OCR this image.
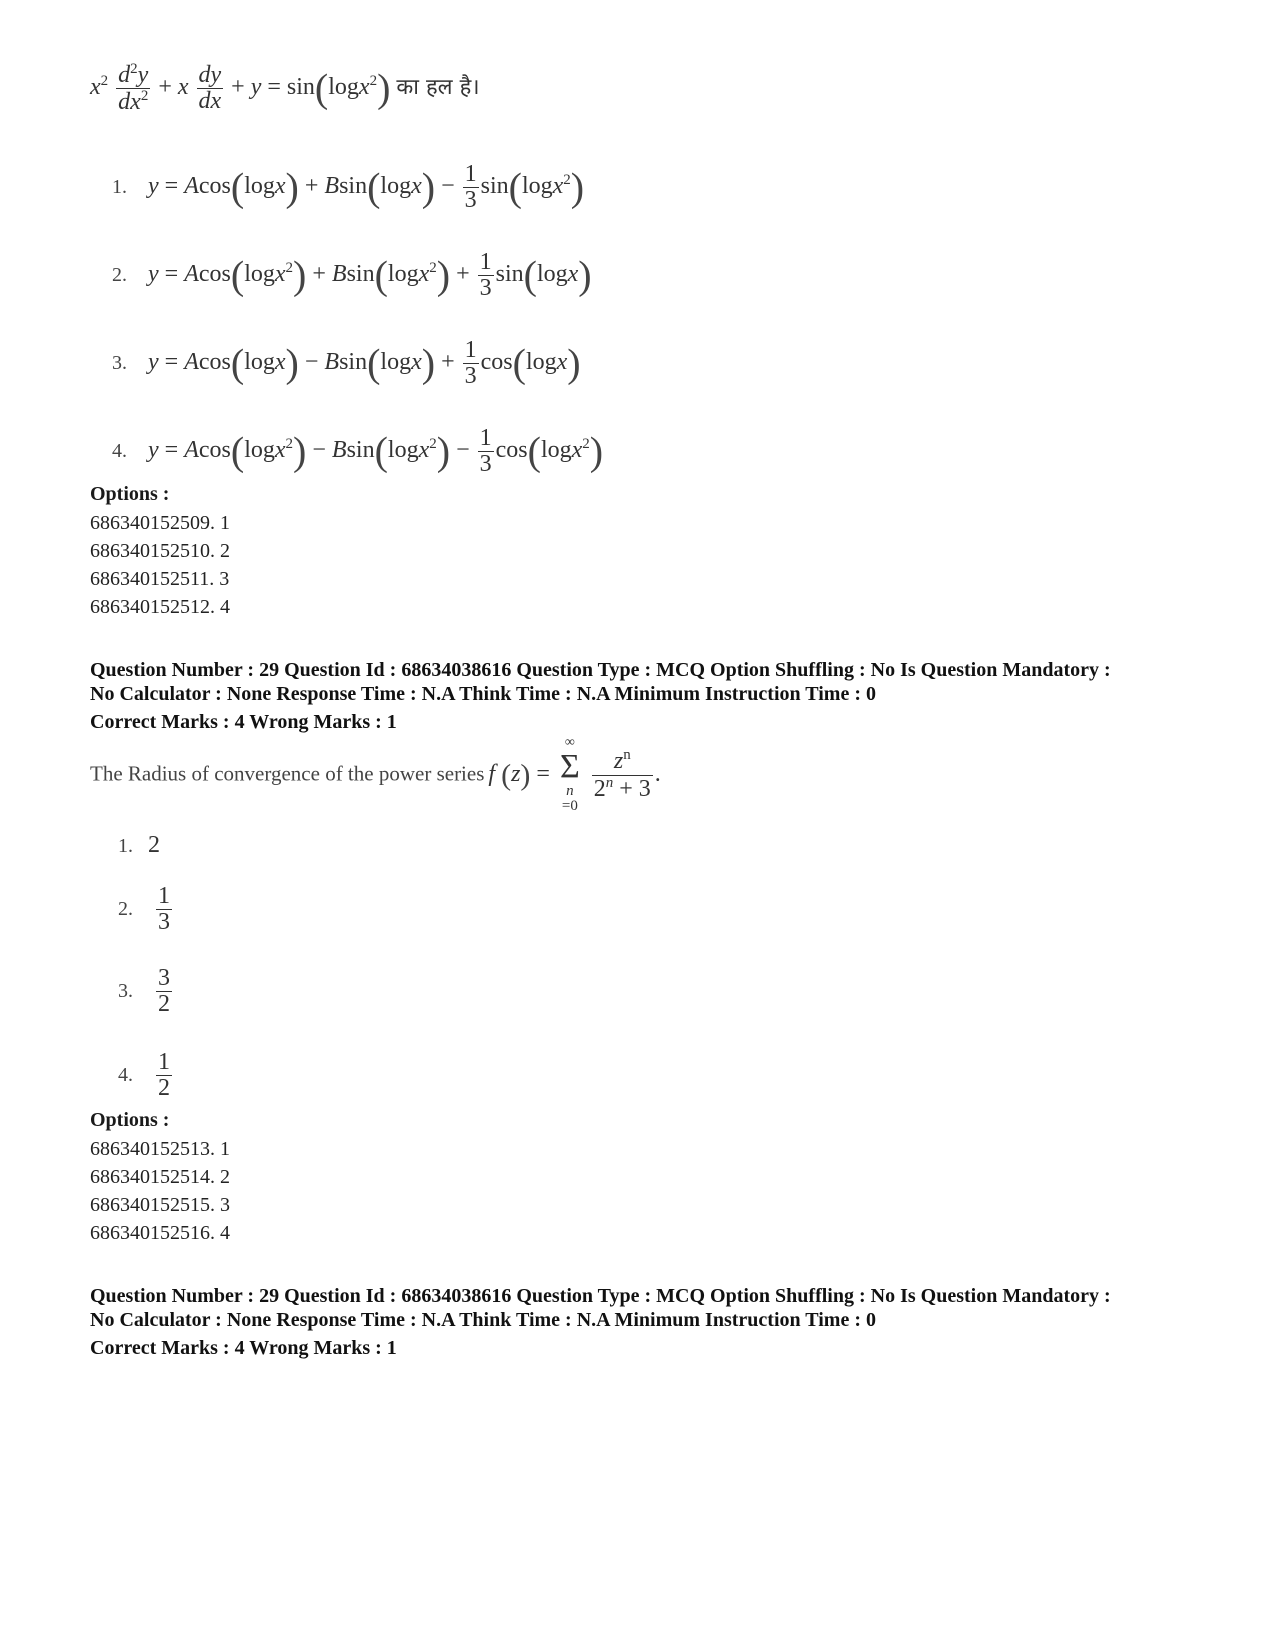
$x^2 \frac{d^2y}{dx^2} + x \frac{dy}{dx} + y = \sin(\log x^2)$ का हल है।
1. $y = Acos(\log x) + Bsin(\log x) - \frac{1}{3} \sin(\log x^2)$
2. $y = Acos(\log x^2) + Bsin(\log x^2) + \frac{1}{3} \sin(\log x)$
3. $y = Acos(\log x) - Bsin(\log x) + \frac{1}{3} \cos(\log x)$
4. $y = Acos(\log x^2) - Bsin(\log x^2) - \frac{1}{3} \cos(\log x^2)$
Options :
686340152509. 1
686340152510. 2
686340152511. 3
686340152512. 4
Question Number : 29 Question Id : 68634038616 Question Type : MCQ Option Shuffling : No Is Question Mandatory :
No Calculator : None Response Time : N.A Think Time : N.A Minimum Instruction Time : 0
Correct Marks : 4 Wrong Marks : 1
The Radius of convergence of the power series f (z) =
∞
Σ
n
=0

$\frac{z^n}{2^n + 3}$ .
1. 2
2. $\frac{1}{3}$
3. $\frac{3}{2}$
4. $\frac{1}{2}$
Options :
686340152513. 1
686340152514. 2
686340152515. 3
686340152516. 4
Question Number : 29 Question Id : 68634038616 Question Type : MCQ Option Shuffling : No Is Question Mandatory :
No Calculator : None Response Time : N.A Think Time : N.A Minimum Instruction Time : 0
Correct Marks : 4 Wrong Marks : 1
